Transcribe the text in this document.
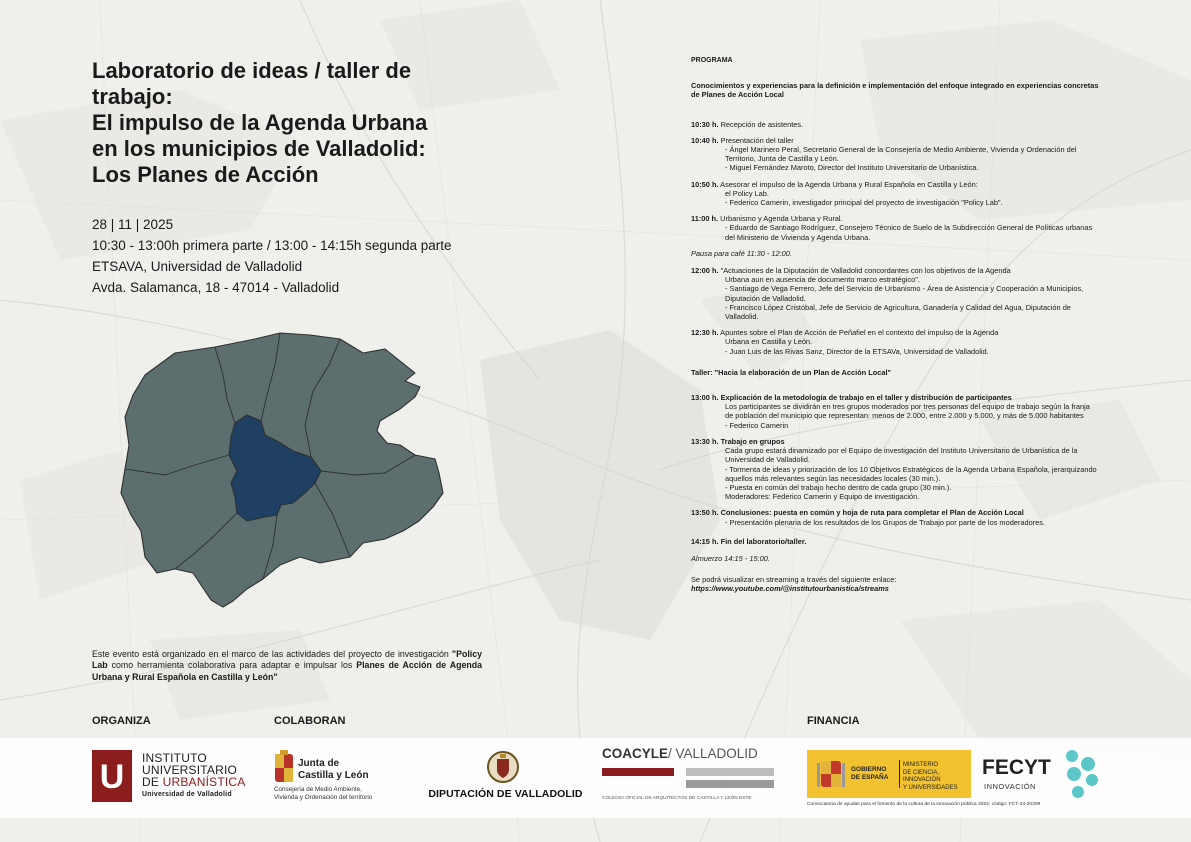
Laboratorio de ideas / taller de
trabajo:
El impulso de la Agenda Urbana
en los municipios de Valladolid:
Los Planes de Acción
28 | 11 | 2025
10:30 - 13:00h primera parte / 13:00 - 14:15h segunda parte
ETSAVA, Universidad de Valladolid
Avda. Salamanca, 18 - 47014 - Valladolid

Este evento está organizado en el marco de las actividades del proyecto de investigación "Policy Lab como herramienta colaborativa para adaptar e impulsar los Planes de Acción de Agenda Urbana y Rural Española en Castilla y León"

PROGRAMA

Conocimientos y experiencias para la definición e implementación del enfoque integrado en experiencias concretas de Planes de Acción Local

10:30 h. Recepción de asistentes.

10:40 h. Presentación del taller

- Ángel Marinero Peral, Secretario General de la Consejería de Medio Ambiente, Vivienda y Ordenación del Territorio, Junta de Castilla y León.

- Miguel Fernández Maroto, Director del Instituto Universitario de Urbanística.

10:50 h. Asesorar el impulso de la Agenda Urbana y Rural Española en Castilla y León:

el Policy Lab.

- Federico Camerin, investigador principal del proyecto de investigación "Policy Lab".

11:00 h. Urbanismo y Agenda Urbana y Rural.

- Eduardo de Santiago Rodríguez, Consejero Técnico de Suelo de la Subdirección General de Políticas urbanas del Ministerio de Vivienda y Agenda Urbana.

Pausa para café 11:30 - 12:00.

12:00 h. "Actuaciones de la Diputación de Valladolid concordantes con los objetivos de la Agenda

Urbana aun en ausencia de documento marco estratégico".

- Santiago de Vega Ferrero, Jefe del Servicio de Urbanismo - Área de Asistencia y Cooperación a Municipios, Diputación de Valladolid.

- Francisco López Cristóbal, Jefe de Servicio de Agricultura, Ganadería y Calidad del Agua, Diputación de Valladolid.

12:30 h. Apuntes sobre el Plan de Acción de Peñafiel en el contexto del impulso de la Agenda

Urbana en Castilla y León.

- Juan Luis de las Rivas Sanz, Director de la ETSAVa, Universidad de Valladolid.

Taller: "Hacia la elaboración de un Plan de Acción Local"

13:00 h. Explicación de la metodología de trabajo en el taller y distribución de participantes

Los participantes se dividirán en tres grupos moderados por tres personas del equipo de trabajo según la franja de población del municipio que representan: menos de 2.000, entre 2.000 y 5.000, y más de 5.000 habitantes

- Federico Camerin

13:30 h. Trabajo en grupos

Cada grupo estará dinamizado por el Equipo de investigación del Instituto Universitario de Urbanística de la Universidad de Valladolid.

- Tormenta de ideas y priorización de los 10 Objetivos Estratégicos de la Agenda Urbana Española, jerarquizando aquellos más relevantes según las necesidades locales (30 min.).

- Puesta en común del trabajo hecho dentro de cada grupo (30 min.).

Moderadores: Federico Camerin y Equipo de investigación.

13:50 h. Conclusiones: puesta en común y hoja de ruta para completar el Plan de Acción Local

- Presentación plenaria de los resultados de los Grupos de Trabajo por parte de los moderadores.

14:15 h. Fin del laboratorio/taller.

Almuerzo 14:15 - 15:00.

Se podrá visualizar en streaming a través del siguiente enlace:

https://www.youtube.com/@institutourbanistica/streams

ORGANIZA	COLABORAN	FINANCIA
U	INSTITUTO
UNIVERSITARIO
DE URBANÍSTICA
Universidad de Valladolid
Junta de
Castilla y León
Consejería de Medio Ambiente,
Vivienda y Ordenación del territorio	DIPUTACIÓN DE VALLADOLID
COACYLE/ VALLADOLID
COLEGIO OFICIAL DE ARQUITECTOS DE CASTILLA Y LEÓN ESTE
GOBIERNO
DE ESPAÑA
MINISTERIO
DE CIENCIA, INNOVACIÓN
Y UNIVERSIDADES
FECYT
INNOVACIÓN
Convocatoria de ayudas para el fomento de la cultura de la innovación pública 2024; código: FCT-24-20309
